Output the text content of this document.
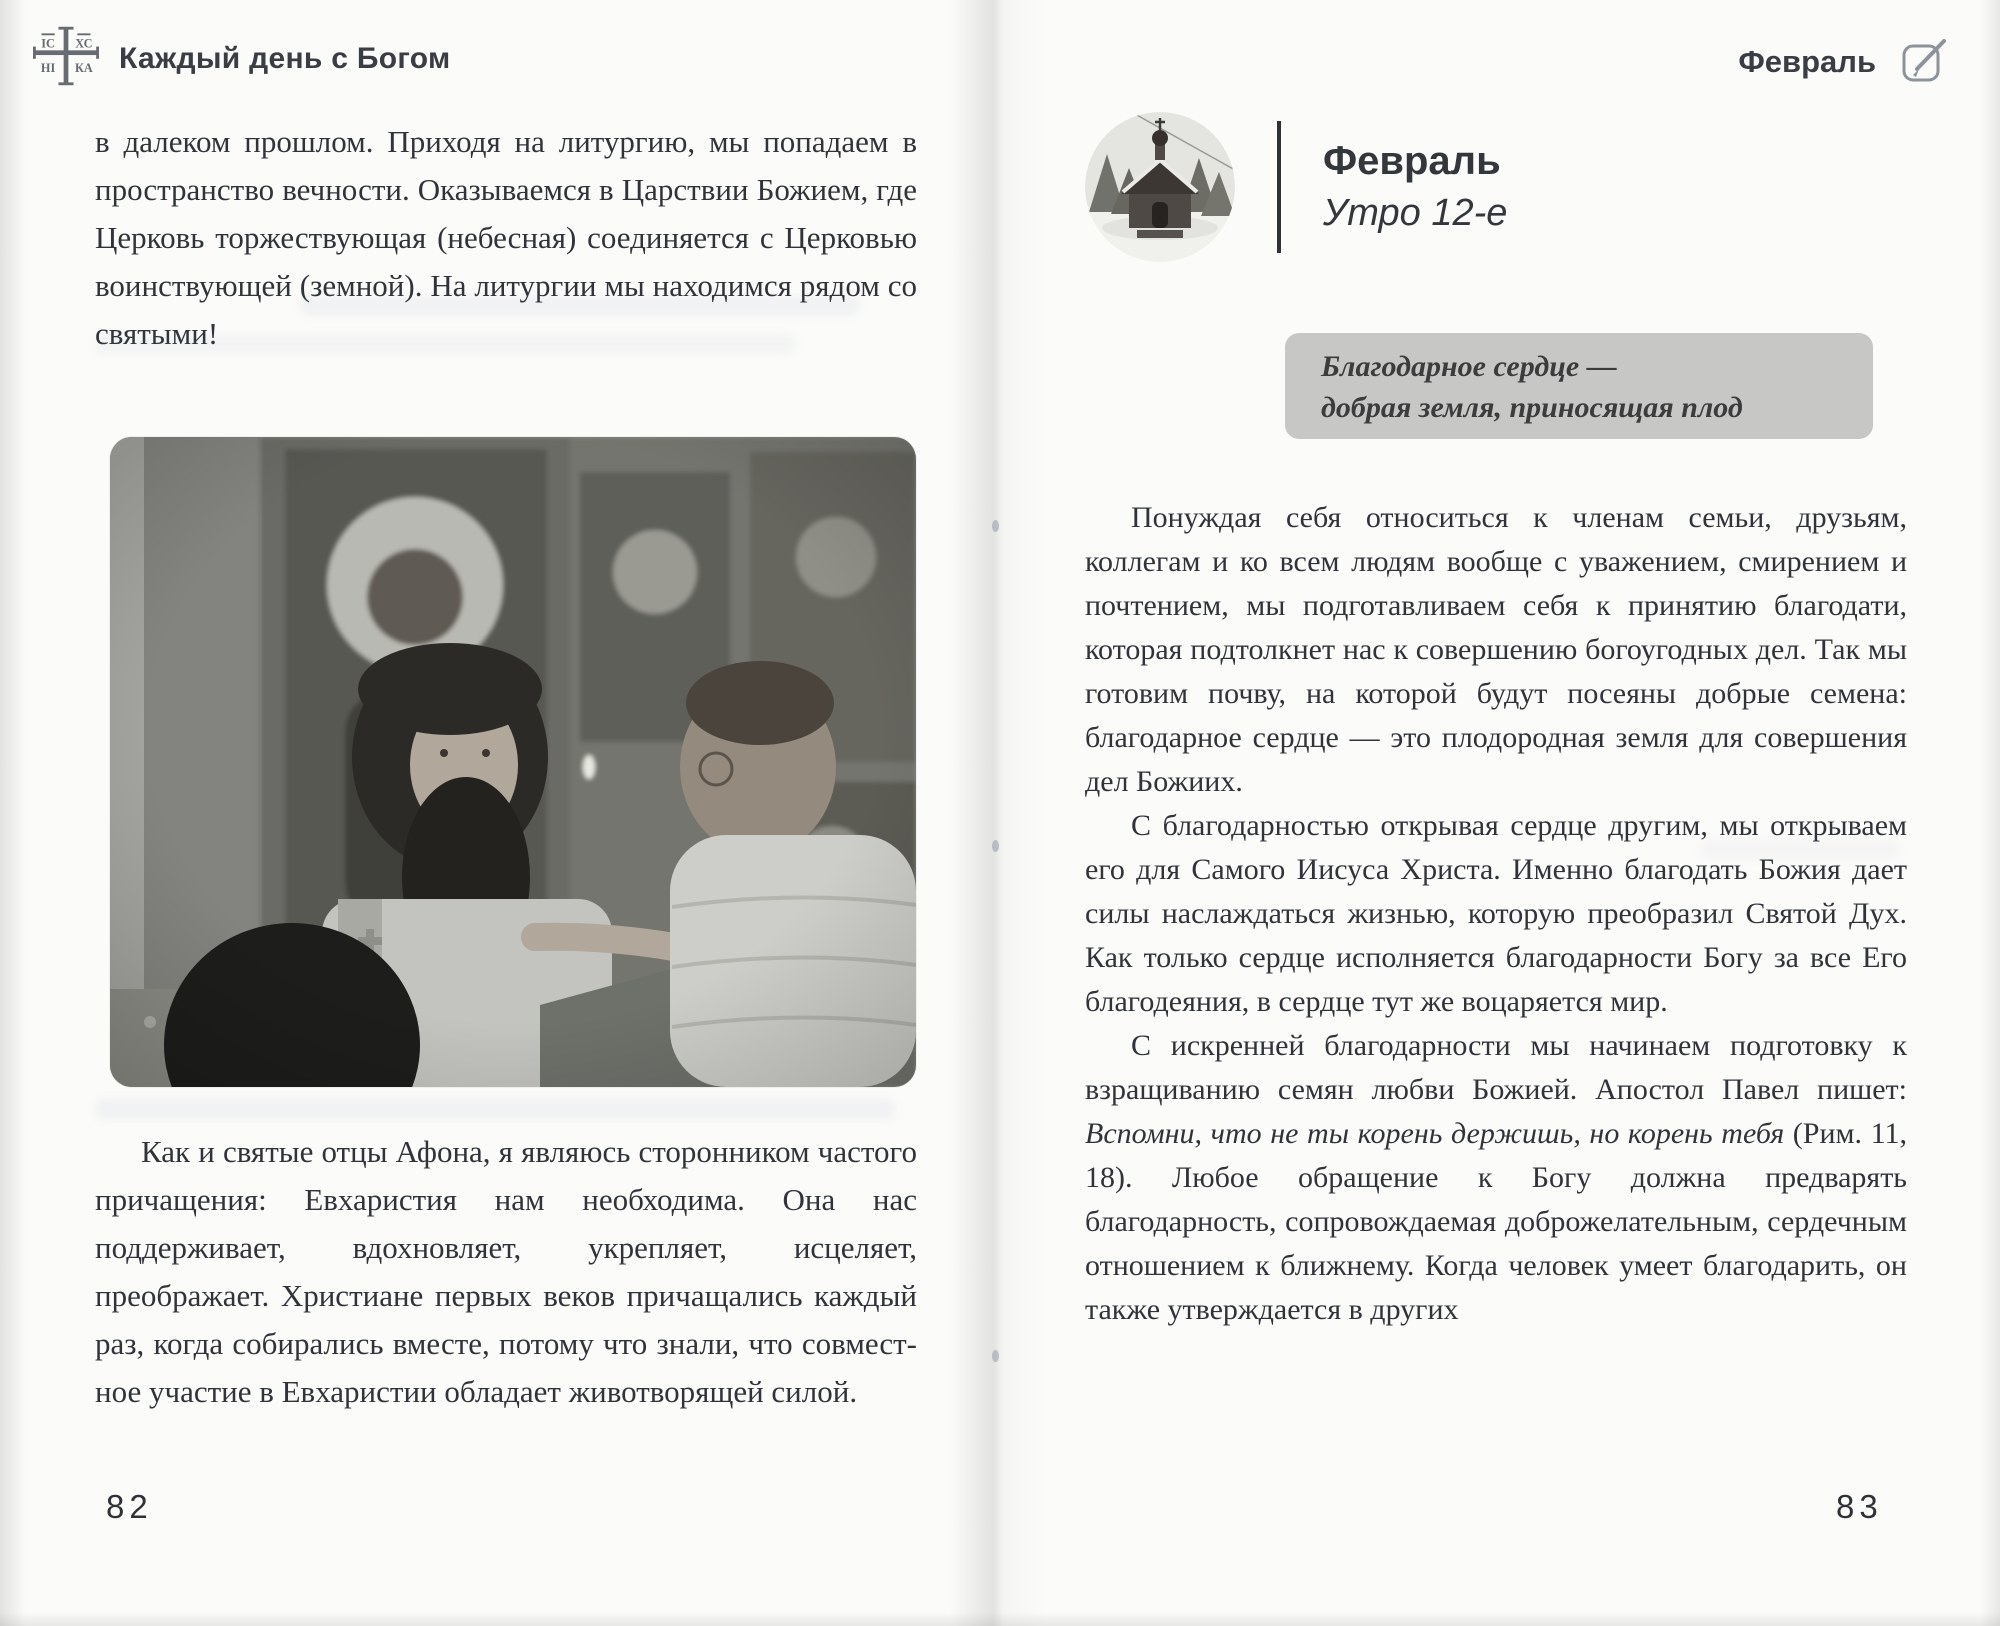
ІС ХС
НІ КА Каждый день с Богом

в далеком прошлом. Приходя на литургию, мы попадаем в пространство вечности. Оказываемся в Царствии Божием, где Церковь торжествующая (небесная) соединяется с Церковью воинствующей (земной). На литургии мы находимся рядом со святыми!

Как и святые отцы Афона, я являюсь сторонником частого причащения: Евхаристия нам необходима. Она нас поддерживает, вдохновляет, укрепляет, исцеляет, преображает. Христиане первых веков причащались каждый раз, когда собирались вместе, потому что знали, что совместное участие в Евхаристии обладает животворящей силой.

82
Февраль
Февраль
Утро 12-е
Благодарное сердце —
добрая земля, приносящая плод

Понуждая себя относиться к членам семьи, друзьям, коллегам и ко всем людям вообще с уважением, смирением и почтением, мы подготавливаем себя к принятию благодати, которая подтолкнет нас к совершению богоугодных дел. Так мы готовим почву, на которой будут посеяны добрые семена: благодарное сердце — это плодородная земля для совершения дел Божиих.

С благодарностью открывая сердце другим, мы открываем его для Самого Иисуса Христа. Именно благодать Божия дает силы наслаждаться жизнью, которую преобразил Святой Дух. Как только сердце исполняется благодарности Богу за все Его благодеяния, в сердце тут же воцаряется мир.

С искренней благодарности мы начинаем подготовку к взращиванию семян любви Божией. Апостол Павел пишет: Вспомни, что не ты корень держишь, но корень тебя (Рим. 11, 18). Любое обращение к Богу должна предварять благодарность, сопровождаемая доброжелательным, сердечным отношением к ближнему. Когда человек умеет благодарить, он также утверждается в других

83
